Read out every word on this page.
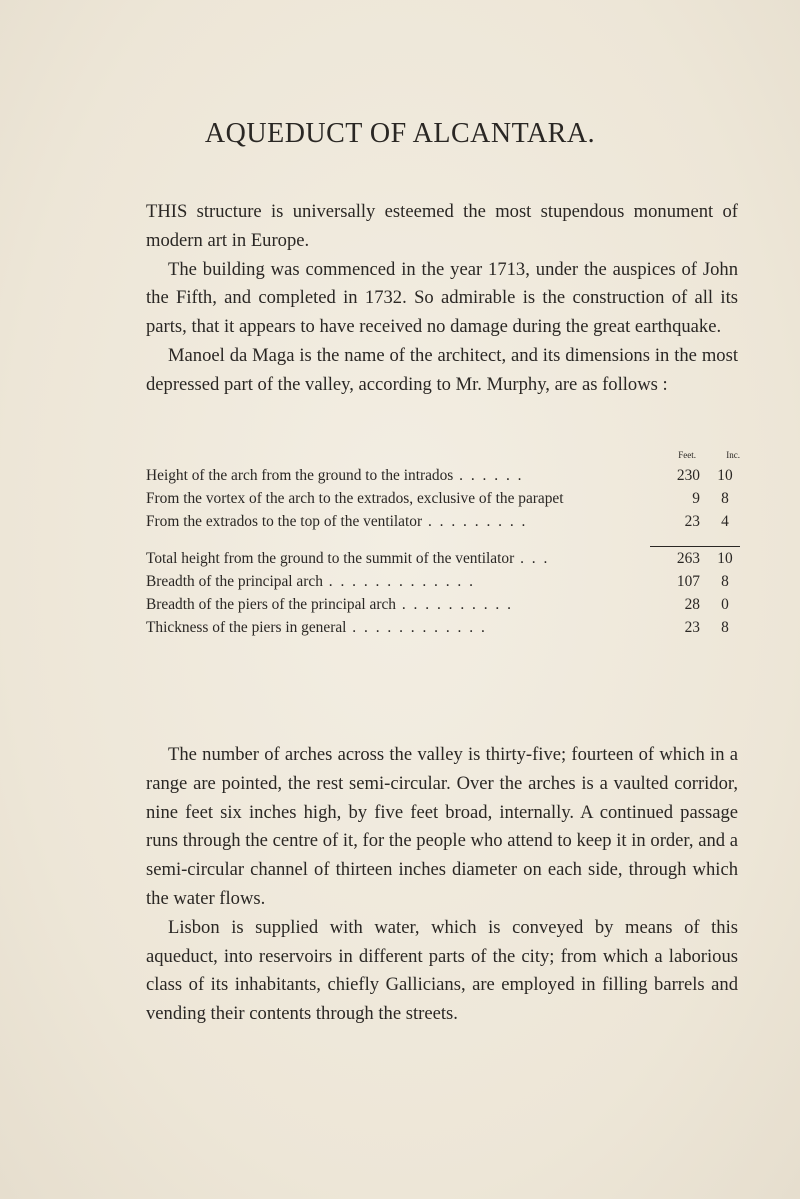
AQUEDUCT OF ALCANTARA.

THIS structure is universally esteemed the most stupendous monument of modern art in Europe.

The building was commenced in the year 1713, under the auspices of John the Fifth, and completed in 1732. So admirable is the construction of all its parts, that it appears to have received no damage during the great earthquake.

Manoel da Maga is the name of the architect, and its dimensions in the most depressed part of the valley, according to Mr. Murphy, are as follows :

Feet.	Inc.
Height of the arch from the ground to the intrados . . . . . .	230	10
From the vortex of the arch to the extrados, exclusive of the parapet	9	8
From the extrados to the top of the ventilator . . . . . . . . .	23	4
Total height from the ground to the summit of the ventilator . . .	263	10
Breadth of the principal arch . . . . . . . . . . . . .	107	8
Breadth of the piers of the principal arch . . . . . . . . . .	28	0
Thickness of the piers in general . . . . . . . . . . . .	23	8

The number of arches across the valley is thirty-five; fourteen of which in a range are pointed, the rest semi-circular. Over the arches is a vaulted corridor, nine feet six inches high, by five feet broad, internally. A continued passage runs through the centre of it, for the people who attend to keep it in order, and a semi-circular channel of thirteen inches diameter on each side, through which the water flows.

Lisbon is supplied with water, which is conveyed by means of this aqueduct, into reservoirs in different parts of the city; from which a laborious class of its inhabitants, chiefly Gallicians, are employed in filling barrels and vending their contents through the streets.
